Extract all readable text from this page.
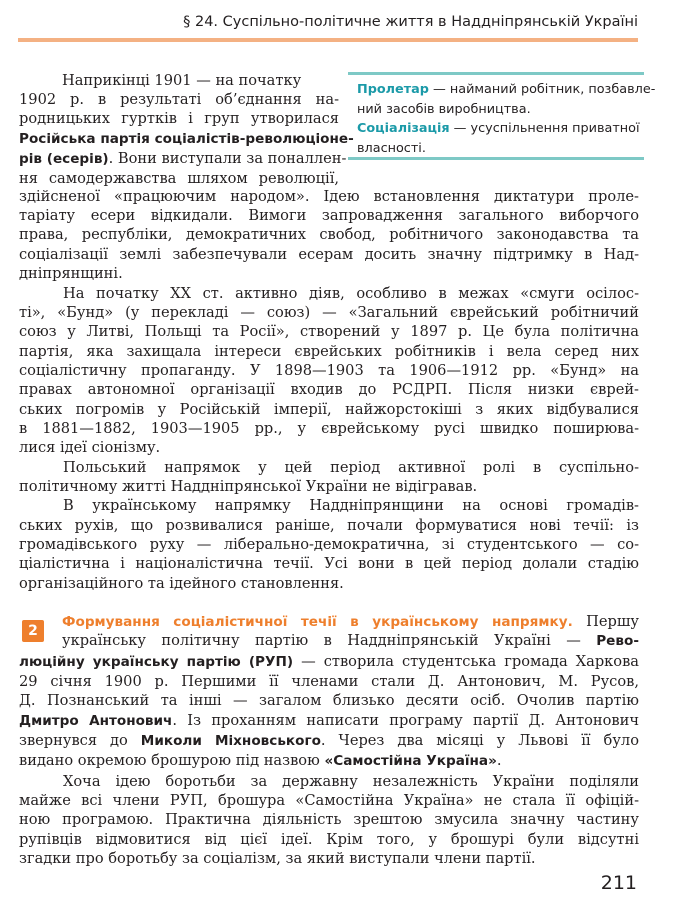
§ 24. Суспільно-політичне життя в Наддніпрянській Україні
Пролетар — найманий робітник, позбавле-
ний засобів виробництва.
Соціалізація — усуспільнення приватної
власності.
Наприкінці 1901 — на початку
1902 р. в результаті об’єднання на-
родницьких гуртків і груп утворилася
Російська партія соціалістів-революціоне-
рів (есерів). Вони виступали за поналлен-
ня самодержавства шляхом революції,
здійсненої «працюючим народом». Ідею встановлення диктатури проле-
таріату есери відкидали. Вимоги запровадження загального виборчого
права, республіки, демократичних свобод, робітничого законодавства та
соціалізації землі забезпечували есерам досить значну підтримку в Над-
дніпрянщині.
На початку ХХ ст. активно діяв, особливо в межах «смуги осілос-
ті», «Бунд» (у перекладі — союз) — «Загальний єврейський робітничий
союз у Литві, Польщі та Росії», створений у 1897 р. Це була політична
партія, яка захищала інтереси єврейських робітників і вела серед них
соціалістичну пропаганду. У 1898—1903 та 1906—1912 рр. «Бунд» на
правах автономної організації входив до РСДРП. Після низки єврей-
ських погромів у Російській імперії, найжорстокіші з яких відбувалися
в 1881—1882, 1903—1905 рр., у єврейському русі швидко поширюва-
лися ідеї сіонізму.
Польський напрямок у цей період активної ролі в суспільно-
політичному житті Наддніпрянської України не відігравав.
В українському напрямку Наддніпрянщини на основі громадів-
ських рухів, що розвивалися раніше, почали формуватися нові течії: із
громадівського руху — ліберально-демократична, зі студентського — со-
ціалістична і націоналістична течії. Усі вони в цей період долали стадію
організаційного та ідейного становлення.
2
Формування соціалістичної течії в українському напрямку. Першу
українську політичну партію в Наддніпрянській Україні — Рево-
люційну українську партію (РУП) — створила студентська громада Харкова
29 січня 1900 р. Першими її членами стали Д. Антонович, М. Русов,
Д. Познанський та інші — загалом близько десяти осіб. Очолив партію
Дмитро Антонович. Із проханням написати програму партії Д. Антонович
звернувся до Миколи Міхновського. Через два місяці у Львові її було
видано окремою брошурою під назвою «Самостійна Україна».
Хоча ідею боротьби за державну незалежність України поділяли
майже всі члени РУП, брошура «Самостійна Україна» не стала її офіцій-
ною програмою. Практична діяльність зрештою змусила значну частину
рупівців відмовитися від цієї ідеї. Крім того, у брошурі були відсутні
згадки про боротьбу за соціалізм, за який виступали члени партії.
211
